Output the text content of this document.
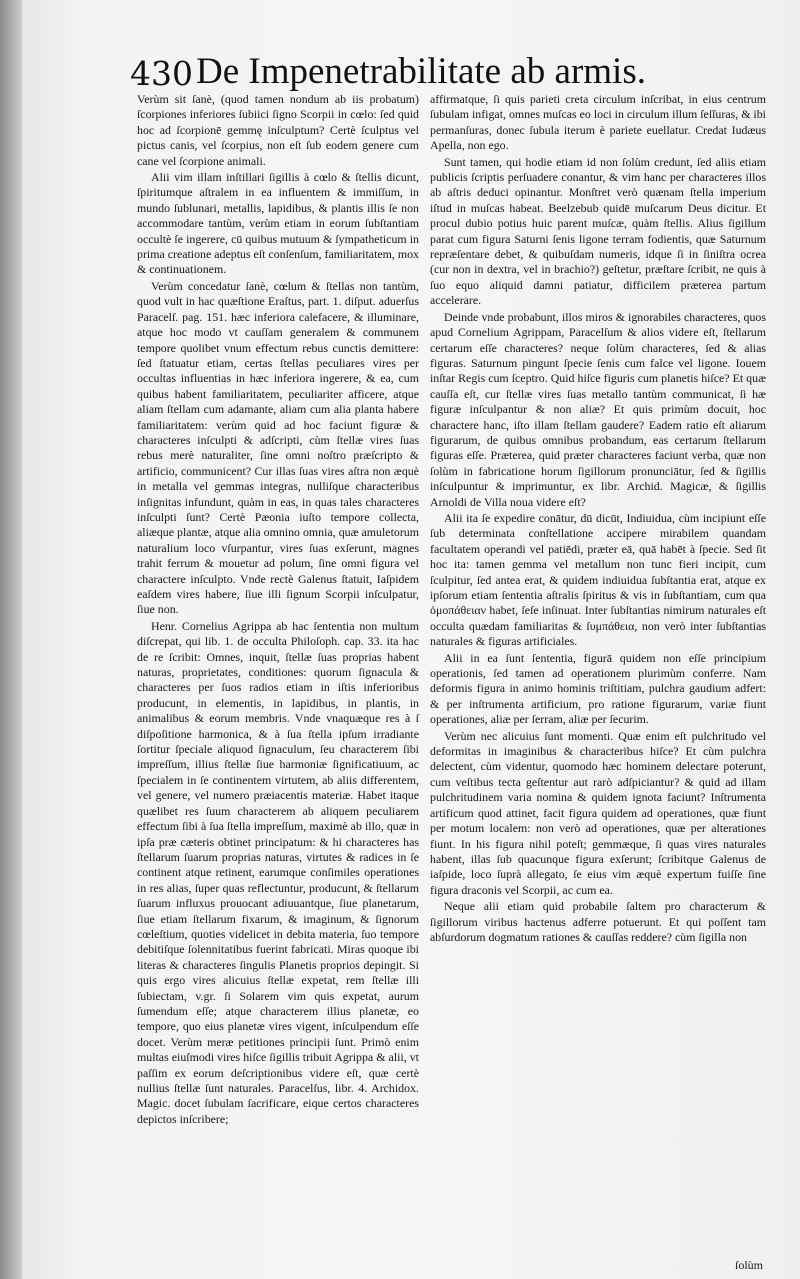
430 De Impenetrabilitate ab armis.

Verùm sit ſanè, (quod tamen nondum ab iis probatum) ſcorpiones inferiores ſubiici ſigno Scorpii in cœlo: ſed quid hoc ad ſcorpionē gemmę inſculptum? Certè ſculptus vel pictus canis, vel ſcorpius, non eſt ſub eodem genere cum cane vel ſcorpione animali.

Alii vim illam inſtillari ſigillis à cœlo & ſtellis dicunt, ſpiritumque aſtralem in ea influentem & immiſſum, in mundo ſublunari, metallis, lapidibus, & plantis illis ſe non accommodare tantùm, verùm etiam in eorum ſubſtantiam occultè ſe ingerere, cū quibus mutuum & ſympatheticum in prima creatione adeptus eſt conſenſum, familiaritatem, mox & continuationem.

Verùm concedatur ſanè, cœlum & ſtellas non tantùm, quod vult in hac quæſtione Eraſtus, part. 1. diſput. aduerſus Paracelſ. pag. 151. hæc inferiora calefacere, & illuminare, atque hoc modo vt cauſſam generalem & communem tempore quolibet vnum effectum rebus cunctis demittere: ſed ſtatuatur etiam, certas ſtellas peculiares vires per occultas influentias in hæc inferiora ingerere, & ea, cum quibus habent familiaritatem, peculiariter afficere, atque aliam ſtellam cum adamante, aliam cum alia planta habere familiaritatem: verùm quid ad hoc faciunt figuræ & characteres inſculpti & adſcripti, cùm ſtellæ vires ſuas rebus merè naturaliter, ſine omni noſtro præſcripto & artificio, communicent? Cur illas ſuas vires aſtra non æquè in metalla vel gemmas integras, nulliſque characteribus inſignitas infundunt, quàm in eas, in quas tales characteres inſculpti ſunt? Certè Pæonia iuſto tempore collecta, aliæque plantæ, atque alia omnino omnia, quæ amuletorum naturalium loco vſurpantur, vires ſuas exſerunt, magnes trahit ferrum & mouetur ad polum, ſine omni figura vel charactere inſculpto. Vnde rectè Galenus ſtatuit, Iaſpidem eaſdem vires habere, ſiue illi ſignum Scorpii inſculpatur, ſiue non.

Henr. Cornelius Agrippa ab hac ſententia non multum diſcrepat, qui lib. 1. de occulta Philoſoph. cap. 33. ita hac de re ſcribit: Omnes, inquit, ſtellæ ſuas proprias habent naturas, proprietates, conditiones: quorum ſignacula & characteres per ſuos radios etiam in iſtis inferioribus producunt, in elementis, in lapidibus, in plantis, in animalibus & eorum membris. Vnde vnaquæque res à ſ diſpoſitione harmonica, & à ſua ſtella ipſum irradiante ſortitur ſpeciale aliquod ſignaculum, ſeu characterem ſibi impreſſum, illius ſtellæ ſiue harmoniæ ſignificatiuum, ac ſpecialem in ſe continentem virtutem, ab aliis differentem, vel genere, vel numero præiacentis materiæ. Habet itaque quælibet res ſuum characterem ab aliquem peculiarem effectum ſibi à ſua ſtella impreſſum, maximè ab illo, quæ in ipſa præ cæteris obtinet principatum: & hi characteres has ſtellarum ſuarum proprias naturas, virtutes & radices in ſe continent atque retinent, earumque conſimiles operationes in res alias, ſuper quas reflectuntur, producunt, & ſtellarum ſuarum influxus prouocant adiuuantque, ſiue planetarum, ſiue etiam ſtellarum fixarum, & imaginum, & ſignorum cœleſtium, quoties videlicet in debita materia, ſuo tempore debitiſque ſolennitatibus fuerint fabricati. Miras quoque ibi literas & characteres ſingulis Planetis proprios depingit. Si quis ergo vires alicuius ſtellæ expetat, rem ſtellæ illi ſubiectam, v.gr. ſi Solarem vim quis expetat, aurum ſumendum eſſe; atque characterem illius planetæ, eo tempore, quo eius planetæ vires vigent, inſculpendum eſſe docet. Verùm meræ petitiones principii ſunt. Primò enim multas eiuſmodi vires hiſce ſigillis tribuit Agrippa & alii, vt paſſim ex eorum deſcriptionibus videre eſt, quæ certè nullius ſtellæ ſunt naturales. Paracelſus, libr. 4. Archidox. Magic. docet ſubulam ſacrificare, eique certos characteres depictos inſcribere;

affirmatque, ſi quis parieti creta circulum inſcribat, in eius centrum ſubulam infigat, omnes muſcas eo loci in circulum illum ſeſſuras, & ibi permanſuras, donec ſubula iterum è pariete euellatur. Credat Iudæus Apella, non ego.

Sunt tamen, qui hodie etiam id non ſolùm credunt, ſed aliis etiam publicis ſcriptis perſuadere conantur, & vim hanc per characteres illos ab aſtris deduci opinantur. Monſtret verò quænam ſtella imperium iſtud in muſcas habeat. Beelzebub quidē muſcarum Deus dicitur. Et procul dubio potius huic parent muſcæ, quàm ſtellis. Alius ſigillum parat cum figura Saturni ſenis ligone terram fodientis, quæ Saturnum repræſentare debet, & quibuſdam numeris, idque ſi in ſiniſtra ocrea (cur non in dextra, vel in brachio?) geſtetur, præſtare ſcribit, ne quis à ſuo equo aliquid damni patiatur, difficilem præterea partum accelerare.

Deinde vnde probabunt, illos miros & ignorabiles characteres, quos apud Cornelium Agrippam, Paracelſum & alios videre eſt, ſtellarum certarum eſſe characteres? neque ſolùm characteres, ſed & alias figuras. Saturnum pingunt ſpecie ſenis cum falce vel ligone. Iouem inſtar Regis cum ſceptro. Quid hiſce figuris cum planetis hiſce? Et quæ cauſſa eſt, cur ſtellæ vires ſuas metallo tantùm communicat, ſi hæ figuræ inſculpantur & non aliæ? Et quis primùm docuit, hoc charactere hanc, iſto illam ſtellam gaudere? Eadem ratio eſt aliarum figurarum, de quibus omnibus probandum, eas certarum ſtellarum figuras eſſe. Præterea, quid præter characteres faciunt verba, quæ non ſolùm in fabricatione horum ſigillorum pronunciātur, ſed & ſigillis inſculpuntur & imprimuntur, ex libr. Archid. Magicæ, & ſigillis Arnoldi de Villa noua videre eſt?

Alii ita ſe expedire conātur, dū dicūt, Indiuidua, cùm incipiunt eſſe ſub determinata conſtellatione accipere mirabilem quandam facultatem operandi vel patiēdi, præter eā, quā habēt à ſpecie. Sed ſit hoc ita: tamen gemma vel metallum non tunc fieri incipit, cum ſculpitur, ſed antea erat, & quidem indiuidua ſubſtantia erat, atque ex ipſorum etiam ſententia aſtralis ſpiritus & vis in ſubſtantiam, cum qua ὁμοπάθειαν habet, ſeſe inſinuat. Inter ſubſtantias nimirum naturales eſt occulta quædam familiaritas & ſυμπάθεια, non verò inter ſubſtantias naturales & figuras artificiales.

Alii in ea ſunt ſententia, figurā quidem non eſſe principium operationis, ſed tamen ad operationem plurimùm conferre. Nam deformis figura in animo hominis triſtitiam, pulchra gaudium adfert: & per inſtrumenta artificium, pro ratione figurarum, variæ fiunt operationes, aliæ per ſerram, aliæ per ſecurim.

Verùm nec alicuius ſunt momenti. Quæ enim eſt pulchritudo vel deformitas in imaginibus & characteribus hiſce? Et cùm pulchra delectent, cùm videntur, quomodo hæc hominem delectare poterunt, cum veſtibus tecta geſtentur aut rarò adſpiciantur? & quid ad illam pulchritudinem varia nomina & quidem ignota faciunt? Inſtrumenta artificum quod attinet, facit figura quidem ad operationes, quæ fiunt per motum localem: non verò ad operationes, quæ per alterationes fiunt. In his figura nihil poteſt; gemmæque, ſi quas vires naturales habent, illas ſub quacunque figura exſerunt; ſcribitque Galenus de iaſpide, loco ſuprà allegato, ſe eius vim æquè expertum fuiſſe ſine figura draconis vel Scorpii, ac cum ea.

Neque alii etiam quid probabile ſaltem pro characterum & ſigillorum viribus hactenus adferre potuerunt. Et qui poſſent tam abſurdorum dogmatum rationes & cauſſas reddere? cùm ſigilla non

ſolùm
